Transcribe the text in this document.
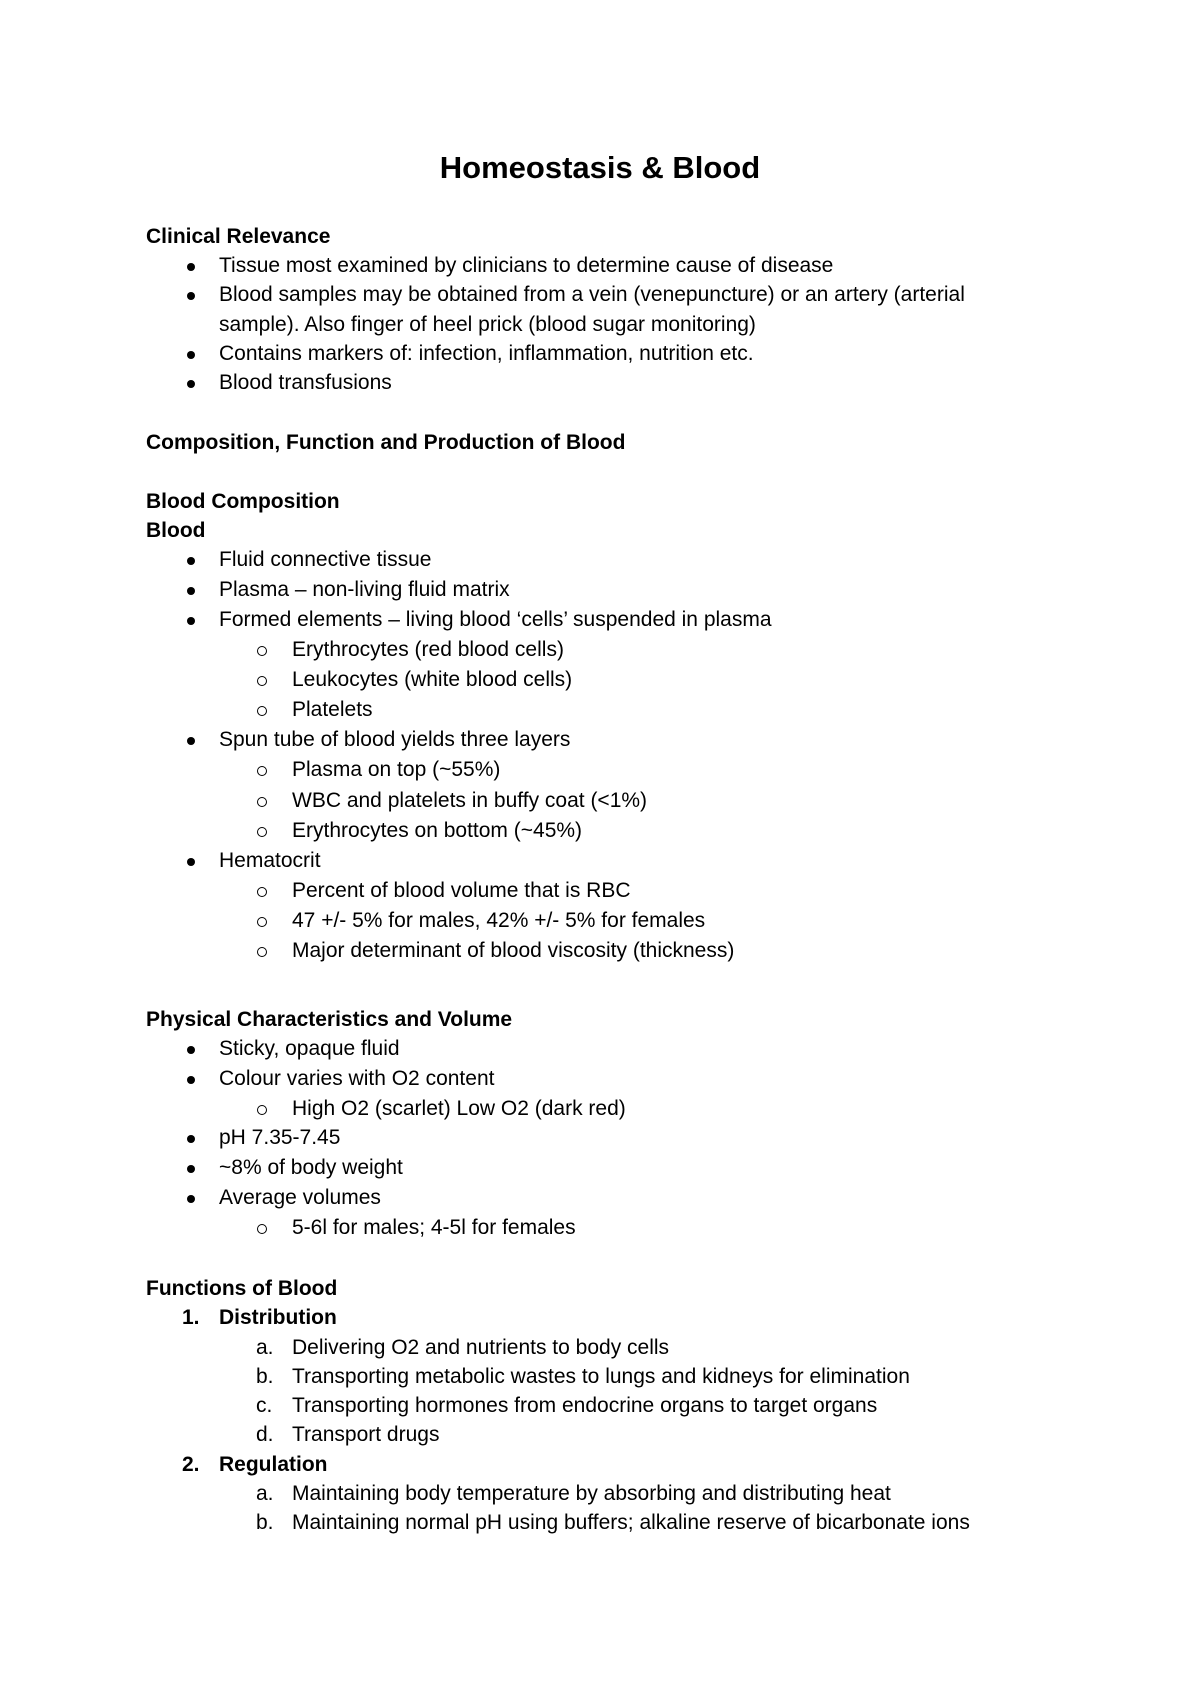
Homeostasis & Blood
Clinical Relevance
Tissue most examined by clinicians to determine cause of disease
Blood samples may be obtained from a vein (venepuncture) or an artery (arterial
sample). Also finger of heel prick (blood sugar monitoring)
Contains markers of: infection, inflammation, nutrition etc.
Blood transfusions
Composition, Function and Production of Blood
Blood Composition
Blood
Fluid connective tissue
Plasma – non-living fluid matrix
Formed elements – living blood ‘cells’ suspended in plasma
Erythrocytes (red blood cells)
Leukocytes (white blood cells)
Platelets
Spun tube of blood yields three layers
Plasma on top (~55%)
WBC and platelets in buffy coat (<1%)
Erythrocytes on bottom (~45%)
Hematocrit
Percent of blood volume that is RBC
47 +/- 5% for males, 42% +/- 5% for females
Major determinant of blood viscosity (thickness)
Physical Characteristics and Volume
Sticky, opaque fluid
Colour varies with O2 content
High O2 (scarlet) Low O2 (dark red)
pH 7.35-7.45
~8% of body weight
Average volumes
5-6l for males; 4-5l for females
Functions of Blood
1. Distribution
a. Delivering O2 and nutrients to body cells
b. Transporting metabolic wastes to lungs and kidneys for elimination
c. Transporting hormones from endocrine organs to target organs
d. Transport drugs
2. Regulation
a. Maintaining body temperature by absorbing and distributing heat
b. Maintaining normal pH using buffers; alkaline reserve of bicarbonate ions
